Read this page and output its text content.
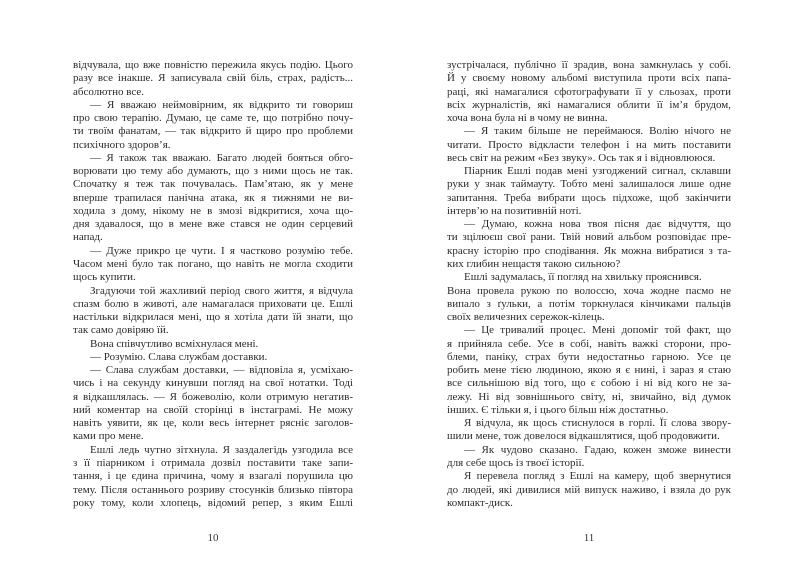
відчувала, що вже повністю пережила якусь подію. Цього
разу все інакше. Я записувала свій біль, страх, радість...
абсолютно все.
— Я вважаю неймовірним, як відкрито ти говориш
про свою терапію. Думаю, це саме те, що потрібно почу-
ти твоїм фанатам, — так відкрито й щиро про проблеми
психічного здоров’я.
— Я також так вважаю. Багато людей бояться обго-
ворювати цю тему або думають, що з ними щось не так.
Спочатку я теж так почувалась. Пам’ятаю, як у мене
вперше трапилася панічна атака, як я тижнями не ви-
ходила з дому, нікому не в змозі відкритися, хоча що-
дня здавалося, що в мене вже стався не один серцевий
напад.
— Дуже прикро це чути. І я частково розумію тебе.
Часом мені було так погано, що навіть не могла сходити
щось купити.
Згадуючи той жахливий період свого життя, я відчула
спазм болю в животі, але намагалася приховати це. Ешлі
настільки відкрилася мені, що я хотіла дати їй знати, що
так само довіряю їй.
Вона співчутливо всміхнулася мені.
— Розумію. Слава службам доставки.
— Слава службам доставки, — відповіла я, усміхаю-
чись і на секунду кинувши погляд на свої нотатки. Тоді
я відкашлялась. — Я божеволію, коли отримую негатив-
ний коментар на своїй сторінці в інстаграмі. Не можу
навіть уявити, як це, коли весь інтернет рясніє заголов-
ками про мене.
Ешлі ледь чутно зітхнула. Я заздалегідь узгодила все
з її піарником і отримала дозвіл поставити таке запи-
тання, і це єдина причина, чому я взагалі порушила цю
тему. Після останнього розриву стосунків близько півтора
року тому, коли хлопець, відомий репер, з яким Ешлі
10
зустрічалася, публічно її зрадив, вона замкнулась у собі.
Й у своєму новому альбомі виступила проти всіх папа-
раці, які намагалися сфотографувати її у сльозах, проти
всіх журналістів, які намагалися облити її ім’я брудом,
хоча вона була ні в чому не винна.
— Я таким більше не переймаюся. Волію нічого не
читати. Просто відкласти телефон і на мить поставити
весь світ на режим «Без звуку». Ось так я і відновлююся.
Піарник Ешлі подав мені узгоджений сигнал, склавши
руки у знак таймауту. Тобто мені залишалося лише одне
запитання. Треба вибрати щось підхоже, щоб закінчити
інтерв’ю на позитивній ноті.
— Думаю, кожна нова твоя пісня дає відчуття, що
ти зцілюєш свої рани. Твій новий альбом розповідає пре-
красну історію про сподівання. Як можна вибратися з та-
ких глибин нещастя такою сильною?
Ешлі задумалась, її погляд на хвильку прояснився.
Вона провела рукою по волоссю, хоча жодне пасмо не
випало з ґульки, а потім торкнулася кінчиками пальців
своїх величезних сережок-кілець.
— Це тривалий процес. Мені допоміг той факт, що
я прийняла себе. Усе в собі, навіть важкі сторони, про-
блеми, паніку, страх бути недостатньо гарною. Усе це
робить мене тією людиною, якою я є нині, і зараз я стаю
все сильнішою від того, що є собою і ні від кого не за-
лежу. Ні від зовнішнього світу, ні, звичайно, від думок
інших. Є тільки я, і цього більш ніж достатньо.
Я відчула, як щось стиснулося в горлі. Її слова звору-
шили мене, тож довелося відкашлятися, щоб продовжити.
— Як чудово сказано. Гадаю, кожен зможе винести
для себе щось із твоєї історії.
Я перевела погляд з Ешлі на камеру, щоб звернутися
до людей, які дивилися мій випуск наживо, і взяла до рук
компакт-диск.
11
